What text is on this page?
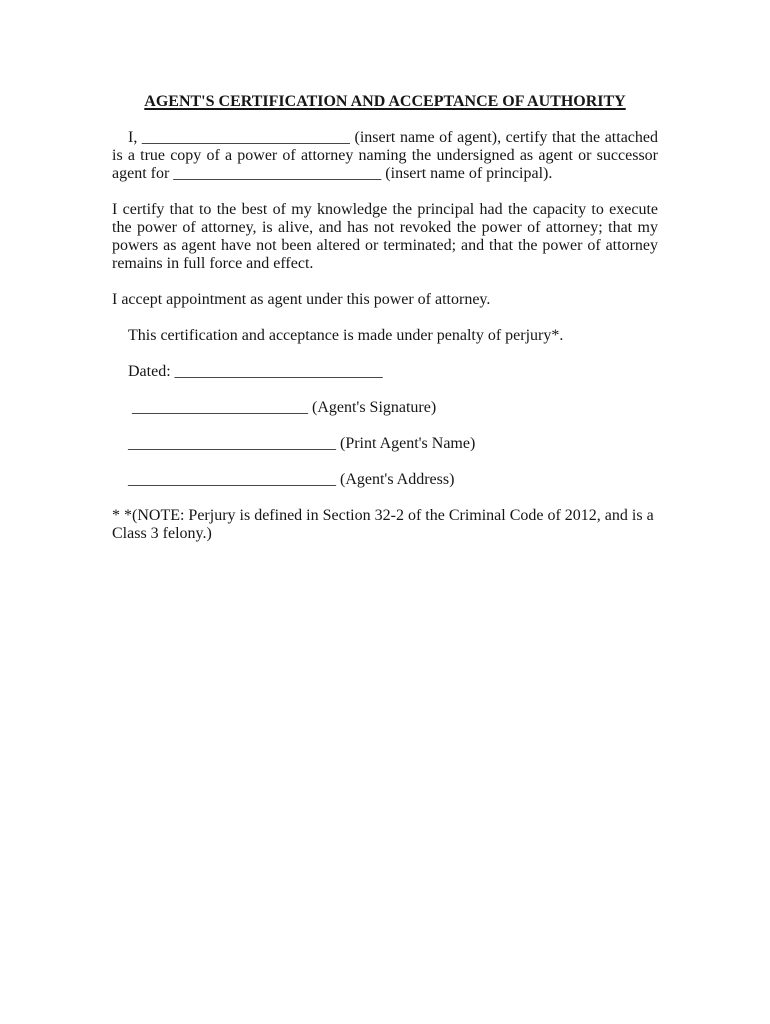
AGENT'S CERTIFICATION AND ACCEPTANCE OF AUTHORITY

I, __________________________ (insert name of agent), certify that the attached is a true copy of a power of attorney naming the undersigned as agent or successor agent for __________________________ (insert name of principal).

I certify that to the best of my knowledge the principal had the capacity to execute the power of attorney, is alive, and has not revoked the power of attorney; that my powers as agent have not been altered or terminated; and that the power of attorney remains in full force and effect.

I accept appointment as agent under this power of attorney.

This certification and acceptance is made under penalty of perjury*.

Dated: __________________________

______________________ (Agent's Signature)

__________________________ (Print Agent's Name)

__________________________ (Agent's Address)

* *(NOTE: Perjury is defined in Section 32-2 of the Criminal Code of 2012, and is a Class 3 felony.)
